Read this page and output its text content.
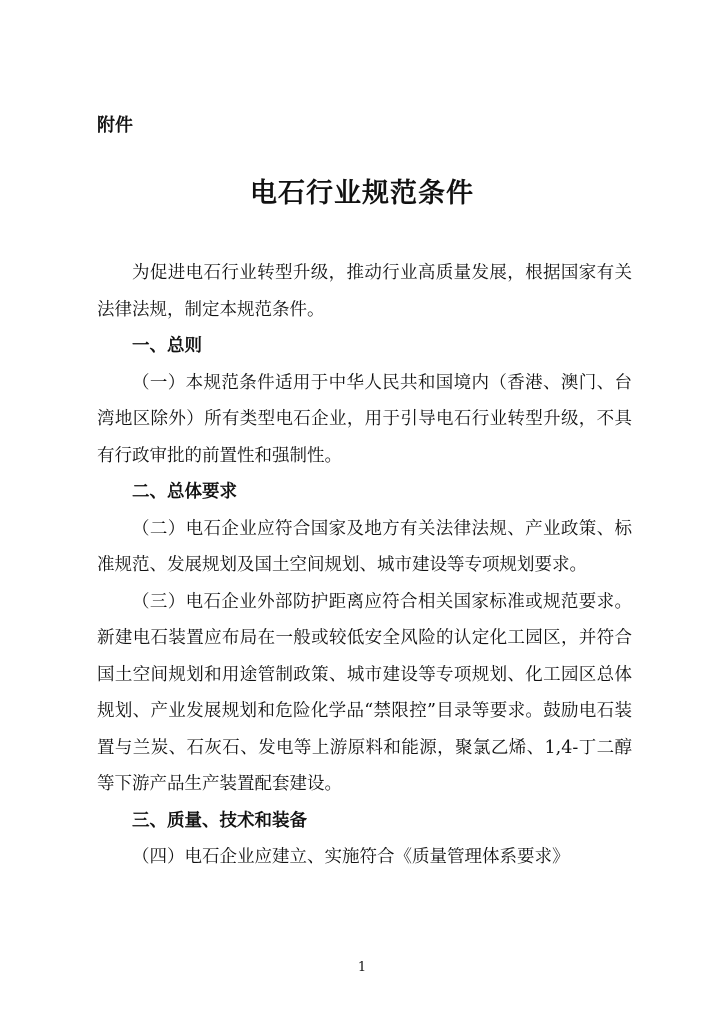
附件
电石行业规范条件

为促进电石行业转型升级，推动行业高质量发展，根据国家有关法律法规，制定本规范条件。

一、总则

（一）本规范条件适用于中华人民共和国境内（香港、澳门、台湾地区除外）所有类型电石企业，用于引导电石行业转型升级，不具有行政审批的前置性和强制性。

二、总体要求

（二）电石企业应符合国家及地方有关法律法规、产业政策、标准规范、发展规划及国土空间规划、城市建设等专项规划要求。

（三）电石企业外部防护距离应符合相关国家标准或规范要求。新建电石装置应布局在一般或较低安全风险的认定化工园区，并符合国土空间规划和用途管制政策、城市建设等专项规划、化工园区总体规划、产业发展规划和危险化学品“禁限控”目录等要求。鼓励电石装置与兰炭、石灰石、发电等上游原料和能源，聚氯乙烯、1,4-丁二醇等下游产品生产装置配套建设。

三、质量、技术和装备

（四）电石企业应建立、实施符合《质量管理体系要求》

1
